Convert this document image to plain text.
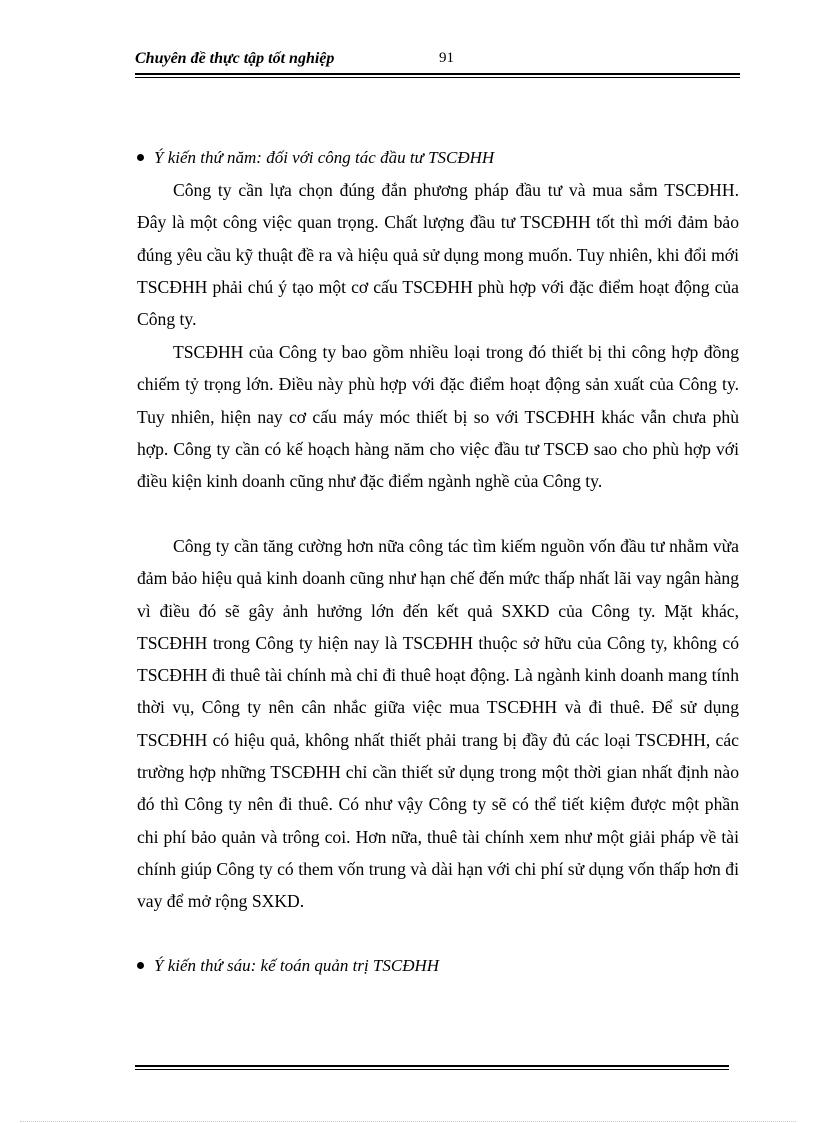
Chuyên đề thực tập tốt nghiệp	91
Ý kiến thứ năm: đối với công tác đầu tư TSCĐHH
Công ty cần lựa chọn đúng đắn phương pháp đầu tư và mua sắm TSCĐHH. Đây là một công việc quan trọng. Chất lượng đầu tư TSCĐHH tốt thì mới đảm bảo đúng yêu cầu kỹ thuật đề ra và hiệu quả sử dụng mong muốn. Tuy nhiên, khi đổi mới TSCĐHH phải chú ý tạo một cơ cấu TSCĐHH phù hợp với đặc điểm hoạt động của Công ty.
TSCĐHH của Công ty bao gồm nhiều loại trong đó thiết bị thi công hợp đồng chiếm tỷ trọng lớn. Điều này phù hợp với đặc điểm hoạt động sản xuất của Công ty. Tuy nhiên, hiện nay cơ cấu máy móc thiết bị so với TSCĐHH khác vẫn chưa phù hợp. Công ty cần có kế hoạch hàng năm cho việc đầu tư TSCĐ sao cho phù hợp với điều kiện kinh doanh cũng như đặc điểm ngành nghề của Công ty.
Công ty cần tăng cường hơn nữa công tác tìm kiếm nguồn vốn đầu tư nhằm vừa đảm bảo hiệu quả kinh doanh cũng như hạn chế đến mức thấp nhất lãi vay ngân hàng vì điều đó sẽ gây ảnh hưởng lớn đến kết quả SXKD của Công ty. Mặt khác, TSCĐHH trong Công ty hiện nay là TSCĐHH thuộc sở hữu của Công ty, không có TSCĐHH đi thuê tài chính mà chỉ đi thuê hoạt động. Là ngành kinh doanh mang tính thời vụ, Công ty nên cân nhắc giữa việc mua TSCĐHH và đi thuê. Để sử dụng TSCĐHH có hiệu quả, không nhất thiết phải trang bị đầy đủ các loại TSCĐHH, các trường hợp những TSCĐHH chỉ cần thiết sử dụng trong một thời gian nhất định nào đó thì Công ty nên đi thuê. Có như vậy Công ty sẽ có thể tiết kiệm được một phần chi phí bảo quản và trông coi. Hơn nữa, thuê tài chính xem như một giải pháp về tài chính giúp Công ty có them vốn trung và dài hạn với chi phí sử dụng vốn thấp hơn đi vay để mở rộng SXKD.
Ý kiến thứ sáu: kế toán quản trị TSCĐHH
